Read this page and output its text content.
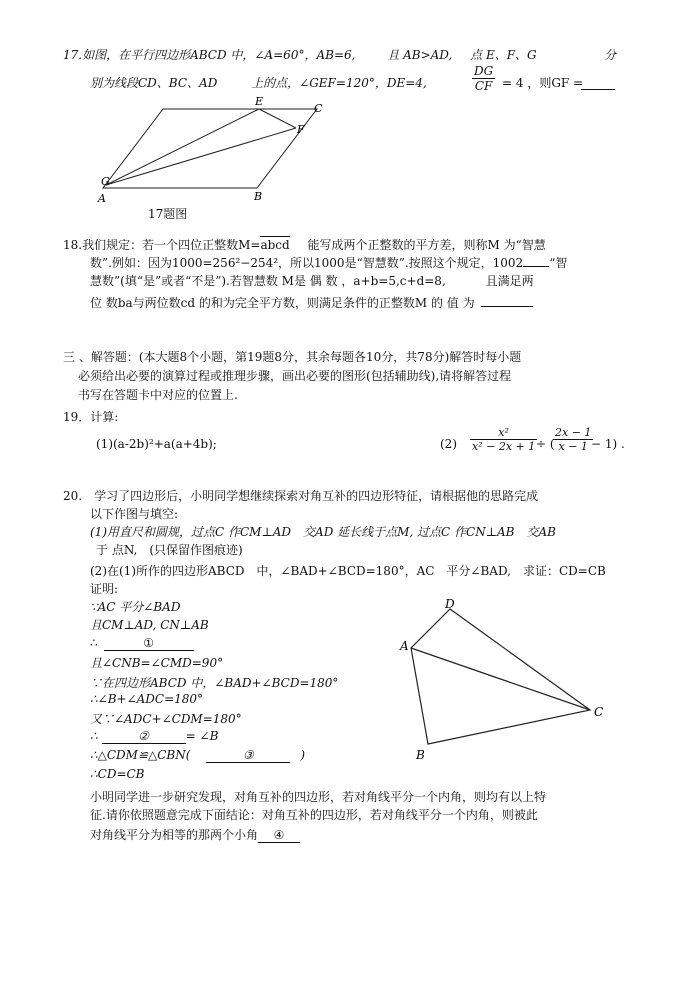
17.如图，在平行四边形ABCD 中，∠A=60°，AB=6,	且 AB>AD, 点 E、F、G	分
别为线段CD、BC、AD	上的点，∠GEF=120°，DE=4,
DG
CF = 4 ，则GF =
E
C
F
G
A	B
17题图
18.我们规定：若一个四位正整数M=abcd 能写成两个正整数的平方差，则称M 为“智慧
数”.例如：因为1000=256²−254²，所以1000是“智慧数”.按照这个规定，1002 “智
慧数”(填“是”或者“不是”).若智慧数 M是 偶 数 ，a+b=5,c+d=8,	且满足两
位 数ba与两位数cd 的和为完全平方数，则满足条件的正整数M 的 值 为
三 、解答题：(本大题8个小题，第19题8分，其余每题各10分，共78分)解答时每小题
必须给出必要的演算过程或推理步骤，画出必要的图形(包括辅助线),请将解答过程
书写在答题卡中对应的位置上.
19．计算:
(1)(a-2b)²+a(a+4b);	(2)
x²
x² − 2x + 1 ÷ (
2x − 1
x − 1 − 1) .
20.　学习了四边形后，小明同学想继续探索对角互补的四边形特征，请根据他的思路完成
以下作图与填空:
(1)用直尺和圆规，过点C 作CM⊥AD　交AD 延长线于点M, 过点C 作CN⊥AB　交AB
于 点N,　(只保留作图痕迹)
(2)在(1)所作的四边形ABCD　中，∠BAD+∠BCD=180°，AC　平分∠BAD,　求证：CD=CB
证明:
∵AC 平分∠BAD
且CM⊥AD, CN⊥AB
∴	①
且∠CNB=∠CMD=90°
∵在四边形ABCD 中，∠BAD+∠BCD=180°
∴∠B+∠ADC=180°
又∵∠ADC+∠CDM=180°
∴	②	= ∠B
∴△CDM≌△CBN(	③	)
∴CD=CB
D
A
C
B
小明同学进一步研究发现，对角互补的四边形，若对角线平分一个内角，则均有以上特
征.请你依照题意完成下面结论：对角互补的四边形，若对角线平分一个内角，则被此
对角线平分为相等的那两个小角 ④
